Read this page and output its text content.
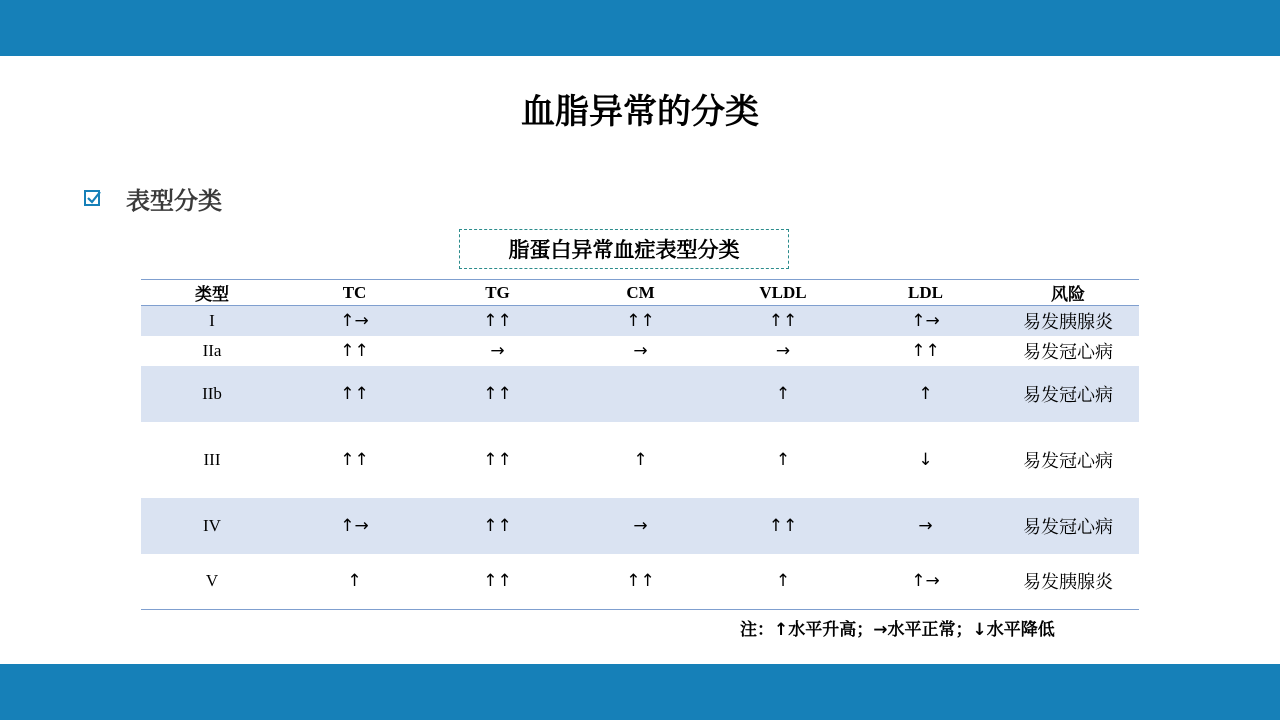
血脂异常的分类
表型分类
脂蛋白异常血症表型分类
类型	TC	TG	CM	VLDL	LDL	风险
I	↑→	↑↑	↑↑	↑↑	↑→	易发胰腺炎
IIa	↑↑	→	→	→	↑↑	易发冠心病
IIb	↑↑	↑↑		↑	↑	易发冠心病
III	↑↑	↑↑	↑	↑	↓	易发冠心病
IV	↑→	↑↑	→	↑↑	→	易发冠心病
V	↑	↑↑	↑↑	↑	↑→	易发胰腺炎
注：↑水平升高；→水平正常；↓水平降低
